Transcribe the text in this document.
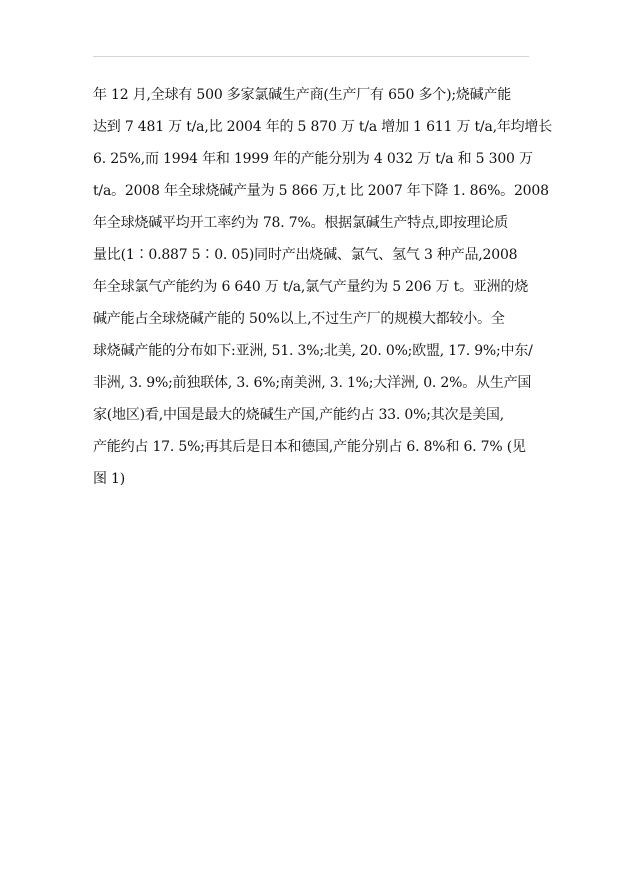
年 12 月,全球有 500 多家氯碱生产商(生产厂有 650 多个);烧碱产能
达到 7 481 万 t/a,比 2004 年的 5 870 万 t/a 增加 1 611 万 t/a,年均增长
6. 25%,而 1994 年和 1999 年的产能分别为 4 032 万 t/a 和 5 300 万
t/a。2008 年全球烧碱产量为 5 866 万,t 比 2007 年下降 1. 86%。2008
年全球烧碱平均开工率约为 78. 7%。根据氯碱生产特点,即按理论质
量比(1∶0.887 5∶0. 05)同时产出烧碱、氯气、氢气 3 种产品,2008
年全球氯气产能约为 6 640 万 t/a,氯气产量约为 5 206 万 t。亚洲的烧
碱产能占全球烧碱产能的 50%以上,不过生产厂的规模大都较小。全
球烧碱产能的分布如下:亚洲, 51. 3%;北美, 20. 0%;欧盟, 17. 9%;中东/
非洲, 3. 9%;前独联体, 3. 6%;南美洲, 3. 1%;大洋洲, 0. 2%。从生产国
家(地区)看,中国是最大的烧碱生产国,产能约占 33. 0%;其次是美国,
产能约占 17. 5%;再其后是日本和德国,产能分别占 6. 8%和 6. 7% (见
图 1)
